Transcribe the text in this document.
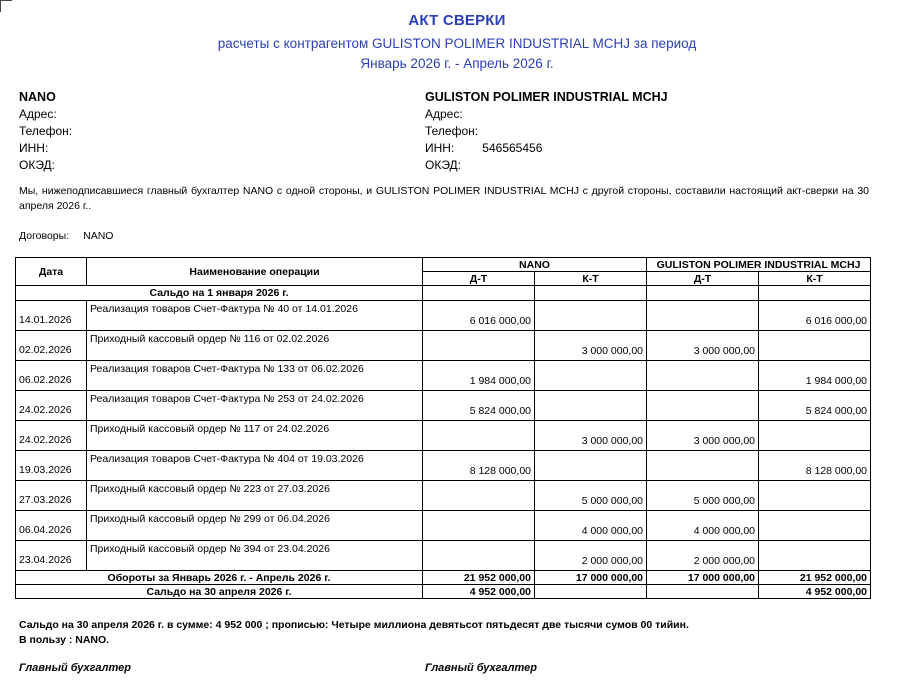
АКТ СВЕРКИ
расчеты с контрагентом GULISTON POLIMER INDUSTRIAL MCHJ за период
Январь 2026 г. - Апрель 2026 г.
NANO
Адрес:
Телефон:
ИНН:
ОКЭД:
GULISTON POLIMER INDUSTRIAL MCHJ
Адрес:
Телефон:
ИНН: 546565456
ОКЭД:
Мы, нижеподписавшиеся главный бухгалтер NANO с одной стороны, и GULISTON POLIMER INDUSTRIAL MCHJ с другой стороны, составили настоящий акт-сверки на 30 апреля 2026 г..
Договоры: NANO
Дата	Наименование операции	NANO		GULISTON POLIMER INDUSTRIAL MCHJ	
		Д-Т	К-Т	Д-Т	К-Т
Сальдо на 1 января 2026 г.					
14.01.2026	Реализация товаров Счет-Фактура № 40 от 14.01.2026	6 016 000,00			6 016 000,00
02.02.2026	Приходный кассовый ордер № 116 от 02.02.2026		3 000 000,00	3 000 000,00	
06.02.2026	Реализация товаров Счет-Фактура № 133 от 06.02.2026	1 984 000,00			1 984 000,00
24.02.2026	Реализация товаров Счет-Фактура № 253 от 24.02.2026	5 824 000,00			5 824 000,00
24.02.2026	Приходный кассовый ордер № 117 от 24.02.2026		3 000 000,00	3 000 000,00	
19.03.2026	Реализация товаров Счет-Фактура № 404 от 19.03.2026	8 128 000,00			8 128 000,00
27.03.2026	Приходный кассовый ордер № 223 от 27.03.2026		5 000 000,00	5 000 000,00	
06.04.2026	Приходный кассовый ордер № 299 от 06.04.2026		4 000 000,00	4 000 000,00	
23.04.2026	Приходный кассовый ордер № 394 от 23.04.2026		2 000 000,00	2 000 000,00	
Обороты за Январь 2026 г. - Апрель 2026 г.		21 952 000,00	17 000 000,00	17 000 000,00	21 952 000,00
Сальдо на 30 апреля 2026 г.		4 952 000,00			4 952 000,00
Сальдо на 30 апреля 2026 г. в сумме: 4 952 000 ; прописью: Четыре миллиона девятьсот пятьдесят две тысячи сумов 00 тийин.
В пользу : NANO.
Главный бухгалтер	Главный бухгалтер
